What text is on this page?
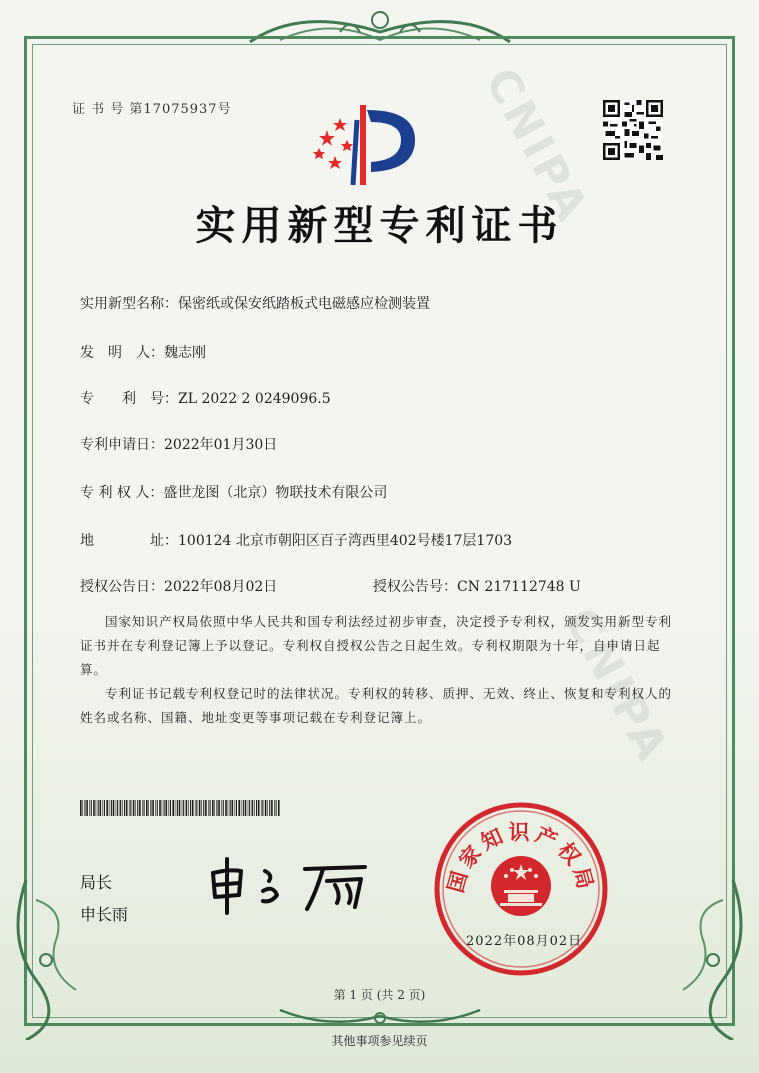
CNIPA
CNIPA
证 书 号 第17075937号
实用新型专利证书
实用新型名称：保密纸或保安纸踏板式电磁感应检测装置
发　明　人：魏志刚
专　　利　号：ZL 2022 2 0249096.5
专利申请日：2022年01月30日
专 利 权 人：盛世龙图（北京）物联技术有限公司
地　　　　址：100124 北京市朝阳区百子湾西里402号楼17层1703
授权公告日：2022年08月02日	授权公告号：CN 217112748 U
国家知识产权局依照中华人民共和国专利法经过初步审查，决定授予专利权，颁发实用新型专利证书并在专利登记簿上予以登记。专利权自授权公告之日起生效。专利权期限为十年，自申请日起算。
专利证书记载专利权登记时的法律状况。专利权的转移、质押、无效、终止、恢复和专利权人的姓名或名称、国籍、地址变更等事项记载在专利登记簿上。
局长
申长雨
国家知识产权局
2022年08月02日
第 1 页 (共 2 页)
其他事项参见续页
